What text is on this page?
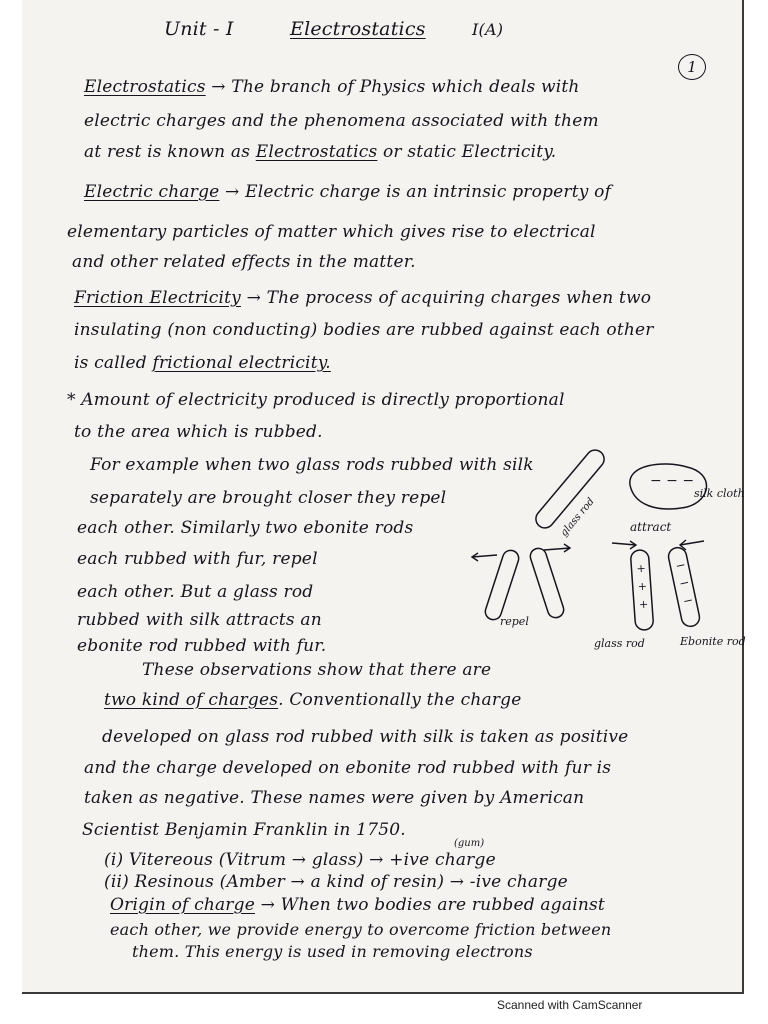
Unit - I	Electrostatics	I(A)
1
Electrostatics → The branch of Physics which deals with
electric charges and the phenomena associated with them
at rest is known as Electrostatics or static Electricity.
Electric charge → Electric charge is an intrinsic property of
elementary particles of matter which gives rise to electrical
and other related effects in the matter.
Friction Electricity → The process of acquiring charges when two
insulating (non conducting) bodies are rubbed against each other
is called frictional electricity.
* Amount of electricity produced is directly proportional
to the area which is rubbed.
For example when two glass rods rubbed with silk
separately are brought closer they repel
each other. Similarly two ebonite rods
each rubbed with fur, repel
each other. But a glass rod
rubbed with silk attracts an
ebonite rod rubbed with fur.
These observations show that there are
two kind of charges. Conventionally the charge
developed on glass rod rubbed with silk is taken as positive
and the charge developed on ebonite rod rubbed with fur is
taken as negative. These names were given by American
Scientist Benjamin Franklin in 1750.
(i) Vitereous (Vitrum → glass) → +ive charge
(gum)
(ii) Resinous (Amber → a kind of resin) → -ive charge
Origin of charge → When two bodies are rubbed against
each other, we provide energy to overcome friction between
them. This energy is used in removing electrons
glass rod
− − −
silk cloth
repel
attract
+
+
+
−
−
−
glass rod	Ebonite rod
Scanned with CamScanner
